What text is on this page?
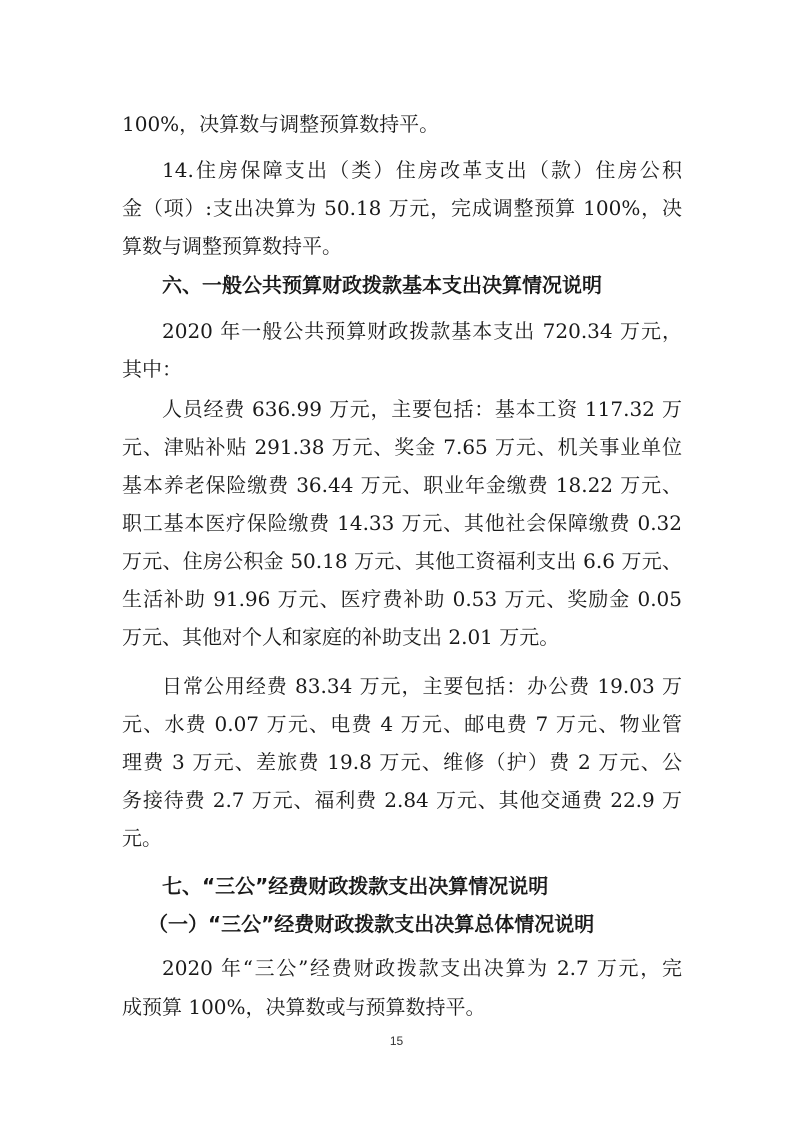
100%，决算数与调整预算数持平。
14.住房保障支出（类）住房改革支出（款）住房公积
金（项）:支出决算为 50.18 万元，完成调整预算 100%，决
算数与调整预算数持平。
六、一般公共预算财政拨款基本支出决算情况说明
2020 年一般公共预算财政拨款基本支出 720.34 万元，
其中：
人员经费 636.99 万元，主要包括：基本工资 117.32 万
元、津贴补贴 291.38 万元、奖金 7.65 万元、机关事业单位
基本养老保险缴费 36.44 万元、职业年金缴费 18.22 万元、
职工基本医疗保险缴费 14.33 万元、其他社会保障缴费 0.32
万元、住房公积金 50.18 万元、其他工资福利支出 6.6 万元、
生活补助 91.96 万元、医疗费补助 0.53 万元、奖励金 0.05
万元、其他对个人和家庭的补助支出 2.01 万元。
日常公用经费 83.34 万元，主要包括：办公费 19.03 万
元、水费 0.07 万元、电费 4 万元、邮电费 7 万元、物业管
理费 3 万元、差旅费 19.8 万元、维修（护）费 2 万元、公
务接待费 2.7 万元、福利费 2.84 万元、其他交通费 22.9 万
元。
七、“三公”经费财政拨款支出决算情况说明
（一）“三公”经费财政拨款支出决算总体情况说明
2020 年“三公”经费财政拨款支出决算为 2.7 万元，完
成预算 100%，决算数或与预算数持平。
15
